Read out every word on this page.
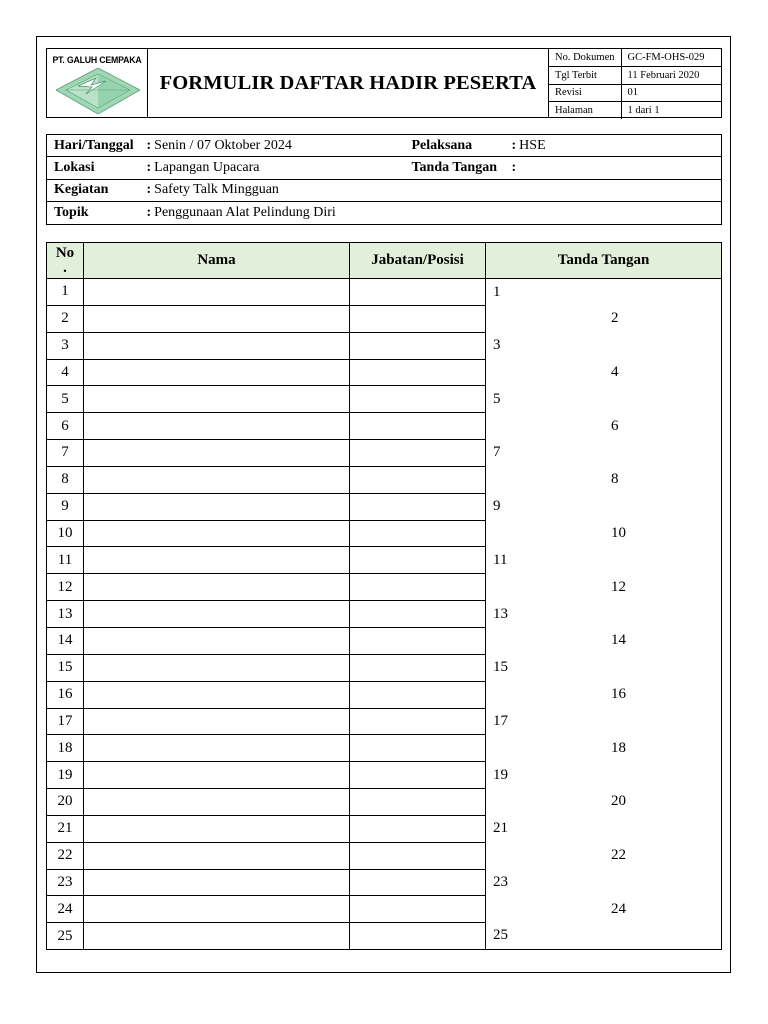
PT. GALUH CEMPAKA
FORMULIR DAFTAR HADIR PESERTA
No. Dokumen	GC-FM-OHS-029
Tgl Terbit	11 Februari 2020
Revisi	01
Halaman	1 dari 1
Hari/Tanggal	: Senin / 07 Oktober 2024	Pelaksana	: HSE
Lokasi	: Lapangan Upacara	Tanda Tangan	:
Kegiatan	: Safety Talk Mingguan		
Topik	: Penggunaan Alat Pelindung Diri		
No
.	Nama	Jabatan/Posisi	Tanda Tangan
1			1

2			2

3			3

4			4

5			5

6			6

7			7

8			8

9			9

10			10

11			11

12			12

13			13

14			14

15			15

16			16

17			17

18			18

19			19

20			20

21			21

22			22

23			23

24			24

25			25
